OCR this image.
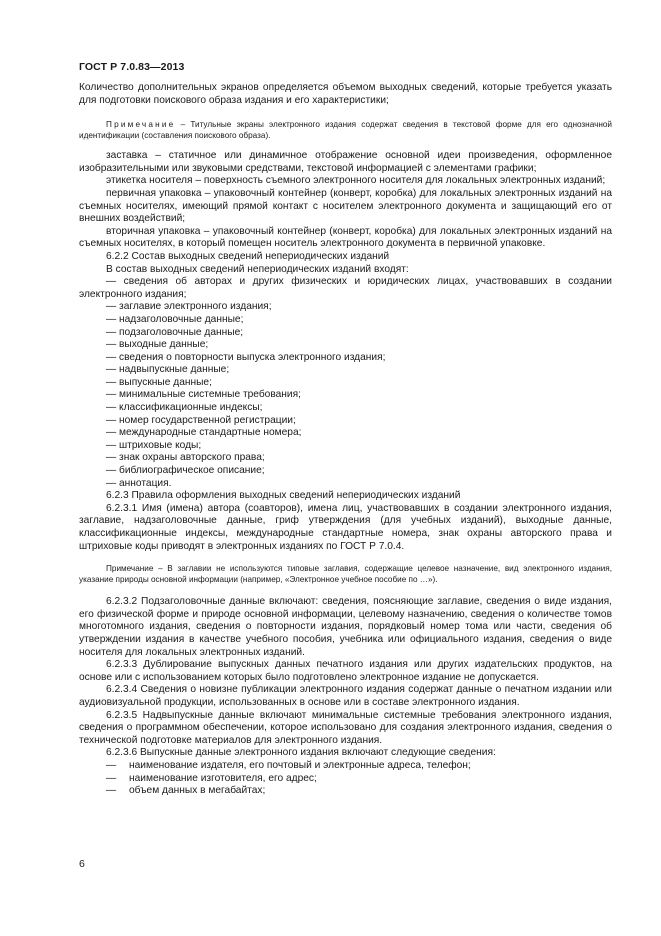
ГОСТ Р 7.0.83—2013

Количество дополнительных экранов определяется объемом выходных сведений, которые требуется указать для подготовки поискового образа издания и его характеристики;

Примечание – Титульные экраны электронного издания содержат сведения в текстовой форме для его однозначной идентификации (составления поискового образа).

заставка – статичное или динамичное отображение основной идеи произведения, оформленное изобразительными или звуковыми средствами, текстовой информацией с элементами графики;

этикетка носителя – поверхность съемного электронного носителя для локальных электронных изданий;

первичная упаковка – упаковочный контейнер (конверт, коробка) для локальных электронных изданий на съемных носителях, имеющий прямой контакт с носителем электронного документа и защищающий его от внешних воздействий;

вторичная упаковка – упаковочный контейнер (конверт, коробка) для локальных электронных изданий на съемных носителях, в который помещен носитель электронного документа в первичной упаковке.

6.2.2 Состав выходных сведений непериодических изданий

В состав выходных сведений непериодических изданий входят:

— сведения об авторах и других физических и юридических лицах, участвовавших в создании электронного издания;

— заглавие электронного издания;

— надзаголовочные данные;

— подзаголовочные данные;

— выходные данные;

— сведения о повторности выпуска электронного издания;

— надвыпускные данные;

— выпускные данные;

— минимальные системные требования;

— классификационные индексы;

— номер государственной регистрации;

— международные стандартные номера;

— штриховые коды;

— знак охраны авторского права;

— библиографическое описание;

— аннотация.

6.2.3 Правила оформления выходных сведений непериодических изданий

6.2.3.1 Имя (имена) автора (соавторов), имена лиц, участвовавших в создании электронного издания, заглавие, надзаголовочные данные, гриф утверждения (для учебных изданий), выходные данные, классификационные индексы, международные стандартные номера, знак охраны авторского права и штриховые коды приводят в электронных изданиях по ГОСТ Р 7.0.4.

Примечание – В заглавии не используются типовые заглавия, содержащие целевое назначение, вид электронного издания, указание природы основной информации (например, «Электронное учебное пособие по …»).

6.2.3.2 Подзаголовочные данные включают: сведения, поясняющие заглавие, сведения о виде издания, его физической форме и природе основной информации, целевому назначению, сведения о количестве томов многотомного издания, сведения о повторности издания, порядковый номер тома или части, сведения об утверждении издания в качестве учебного пособия, учебника или официального издания, сведения о виде носителя для локальных электронных изданий.

6.2.3.3 Дублирование выпускных данных печатного издания или других издательских продуктов, на основе или с использованием которых было подготовлено электронное издание не допускается.

6.2.3.4 Сведения о новизне публикации электронного издания содержат данные о печатном издании или аудиовизуальной продукции, использованных в основе или в составе электронного издания.

6.2.3.5 Надвыпускные данные включают минимальные системные требования электронного издания, сведения о программном обеспечении, которое использовано для создания электронного издания, сведения о технической подготовке материалов для электронного издания.

6.2.3.6 Выпускные данные электронного издания включают следующие сведения:

—	наименование издателя, его почтовый и электронные адреса, телефон;
—	наименование изготовителя, его адрес;
—	объем данных в мегабайтах;
6
